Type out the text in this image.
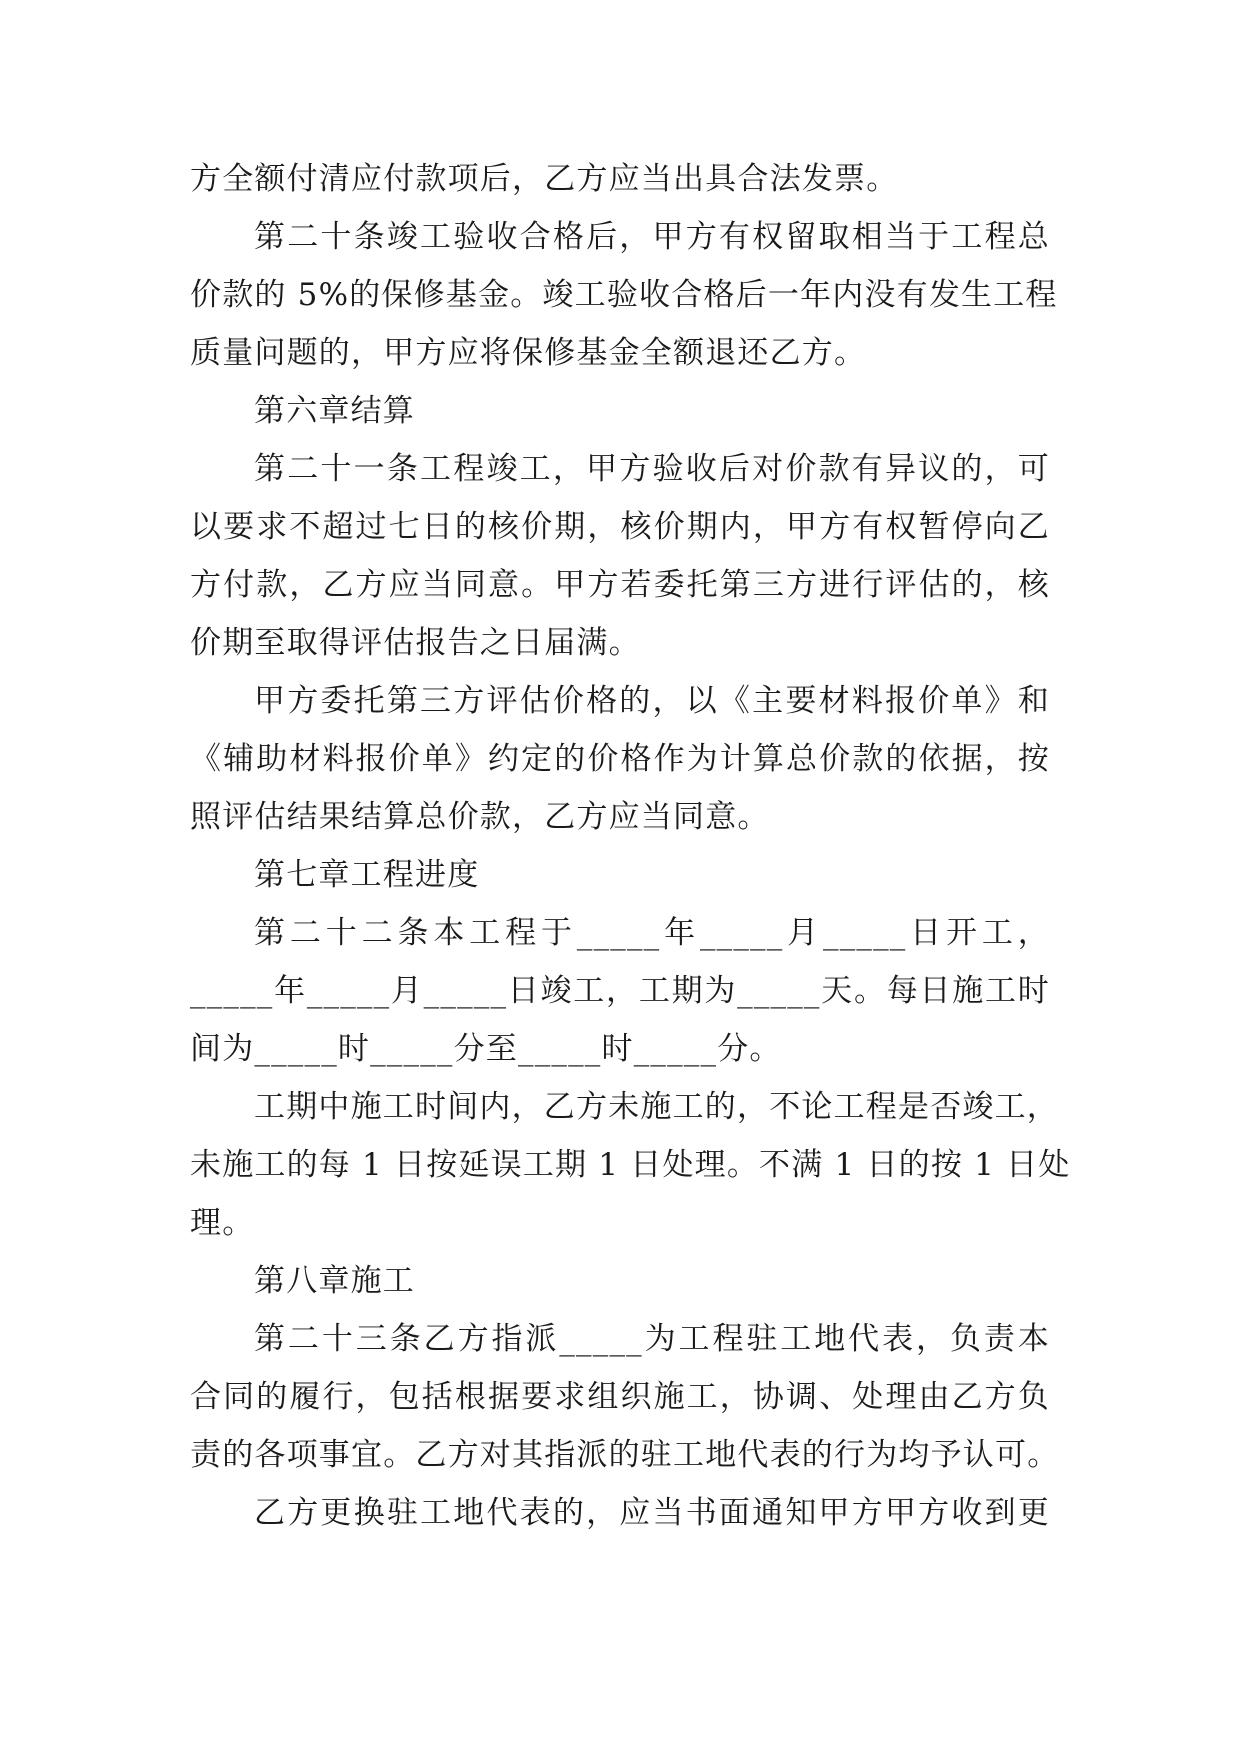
方全额付清应付款项后，乙方应当出具合法发票。
第二十条竣工验收合格后，甲方有权留取相当于工程总
价款的 5%的保修基金。竣工验收合格后一年内没有发生工程
质量问题的，甲方应将保修基金全额退还乙方。
第六章结算
第二十一条工程竣工，甲方验收后对价款有异议的，可
以要求不超过七日的核价期，核价期内，甲方有权暂停向乙
方付款，乙方应当同意。甲方若委托第三方进行评估的，核
价期至取得评估报告之日届满。
甲方委托第三方评估价格的，以《主要材料报价单》和
《辅助材料报价单》约定的价格作为计算总价款的依据，按
照评估结果结算总价款，乙方应当同意。
第七章工程进度
第二十二条本工程于_____年_____月_____日开工，
_____年_____月_____日竣工，工期为_____天。每日施工时
间为_____时_____分至_____时_____分。
工期中施工时间内，乙方未施工的，不论工程是否竣工，
未施工的每 1 日按延误工期 1 日处理。不满 1 日的按 1 日处
理。
第八章施工
第二十三条乙方指派_____为工程驻工地代表，负责本
合同的履行，包括根据要求组织施工，协调、处理由乙方负
责的各项事宜。乙方对其指派的驻工地代表的行为均予认可。
乙方更换驻工地代表的，应当书面通知甲方甲方收到更
